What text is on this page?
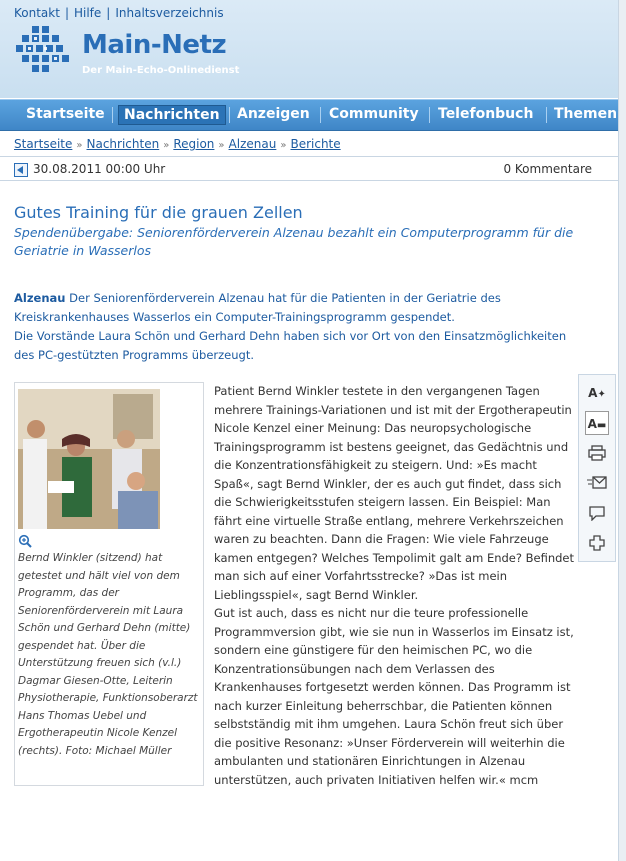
Kontakt | Hilfe | Inhaltsverzeichnis
Main-Netz
Der Main-Echo-Onlinedienst
Startseite	Nachrichten	Anzeigen Community Telefonbuch Themen
Startseite » Nachrichten » Region » Alzenau » Berichte
30.08.2011 00:00 Uhr	0 Kommentare
Gutes Training für die grauen Zellen

Spendenübergabe: Seniorenförderverein Alzenau bezahlt ein Computerprogramm für die Geriatrie in Wasserlos

Alzenau Der Seniorenförderverein Alzenau hat für die Patienten in der Geriatrie des Kreiskrankenhauses Wasserlos ein Computer-Trainingsprogramm gespendet.
Die Vorstände Laura Schön und Gerhard Dehn haben sich vor Ort von den Einsatzmöglichkeiten des PC-gestützten Programms überzeugt.

Bernd Winkler (sitzend) hat getestet und hält viel von dem Programm, das der Seniorenförderverein mit Laura Schön und Gerhard Dehn (mitte) gespendet hat. Über die Unterstützung freuen sich (v.l.) Dagmar Giesen-Otte, Leiterin Physiotherapie, Funktionsoberarzt Hans Thomas Uebel und Ergotherapeutin Nicole Kenzel (rechts). Foto: Michael Müller

Patient Bernd Winkler testete in den vergangenen Tagen mehrere Trainings-Variationen und ist mit der Ergotherapeutin Nicole Kenzel einer Meinung: Das neuropsychologische Trainingsprogramm ist bestens geeignet, das Gedächtnis und die Konzentrationsfähigkeit zu steigern. Und: »Es macht Spaß«, sagt Bernd Winkler, der es auch gut findet, dass sich die Schwierigkeitsstufen steigern lassen. Ein Beispiel: Man fährt eine virtuelle Straße entlang, mehrere Verkehrszeichen waren zu beachten. Dann die Fragen: Wie viele Fahrzeuge kamen entgegen? Welches Tempolimit galt am Ende? Befindet man sich auf einer Vorfahrtsstrecke? »Das ist mein Lieblingsspiel«, sagt Bernd Winkler.

Gut ist auch, dass es nicht nur die teure professionelle Programmversion gibt, wie sie nun in Wasserlos im Einsatz ist, sondern eine günstigere für den heimischen PC, wo die Konzentrationsübungen nach dem Verlassen des Krankenhauses fortgesetzt werden können. Das Programm ist nach kurzer Einleitung beherrschbar, die Patienten können selbstständig mit ihm umgehen. Laura Schön freut sich über die positive Resonanz: »Unser Förderverein will weiterhin die ambulanten und stationären Einrichtungen in Alzenau unterstützen, auch privaten Initiativen helfen wir.« mcm

A✦
A▬
